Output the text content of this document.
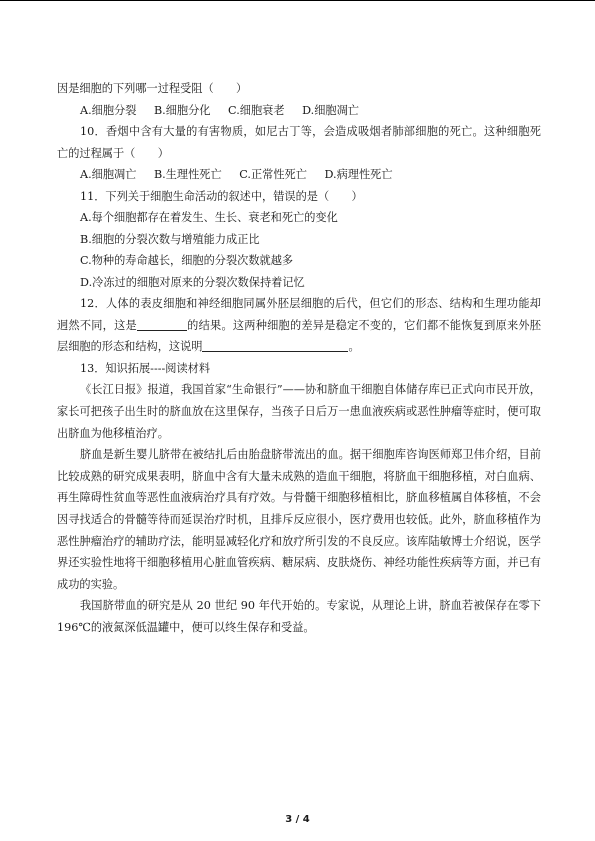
因是细胞的下列哪一过程受阻（　　）
A.细胞分裂 B.细胞分化 C.细胞衰老 D.细胞凋亡
10．香烟中含有大量的有害物质，如尼古丁等，会造成吸烟者肺部细胞的死亡。这种细胞死亡的过程属于（　　）
A.细胞凋亡 B.生理性死亡 C.正常性死亡 D.病理性死亡
11．下列关于细胞生命活动的叙述中，错误的是（　　）
A.每个细胞都存在着发生、生长、衰老和死亡的变化
B.细胞的分裂次数与增殖能力成正比
C.物种的寿命越长，细胞的分裂次数就越多
D.冷冻过的细胞对原来的分裂次数保持着记忆
12．人体的表皮细胞和神经细胞同属外胚层细胞的后代，但它们的形态、结构和生理功能却迥然不同，这是	的结果。这两种细胞的差异是稳定不变的，它们都不能恢复到原来外胚层细胞的形态和结构，这说明	。
13．知识拓展----阅读材料
《长江日报》报道，我国首家“生命银行”——协和脐血干细胞自体储存库已正式向市民开放，家长可把孩子出生时的脐血放在这里保存，当孩子日后万一患血液疾病或恶性肿瘤等症时，便可取出脐血为他移植治疗。
脐血是新生婴儿脐带在被结扎后由胎盘脐带流出的血。据干细胞库咨询医师郑卫伟介绍，目前比较成熟的研究成果表明，脐血中含有大量未成熟的造血干细胞，将脐血干细胞移植，对白血病、再生障碍性贫血等恶性血液病治疗具有疗效。与骨髓干细胞移植相比，脐血移植属自体移植，不会因寻找适合的骨髓等待而延误治疗时机，且排斥反应很小，医疗费用也较低。此外，脐血移植作为恶性肿瘤治疗的辅助疗法，能明显减轻化疗和放疗所引发的不良反应。该库陆敏博士介绍说，医学界还实验性地将干细胞移植用心脏血管疾病、糖尿病、皮肤烧伤、神经功能性疾病等方面，并已有成功的实验。
我国脐带血的研究是从 20 世纪 90 年代开始的。专家说，从理论上讲，脐血若被保存在零下 196℃的液氮深低温罐中，便可以终生保存和受益。
3 / 4
